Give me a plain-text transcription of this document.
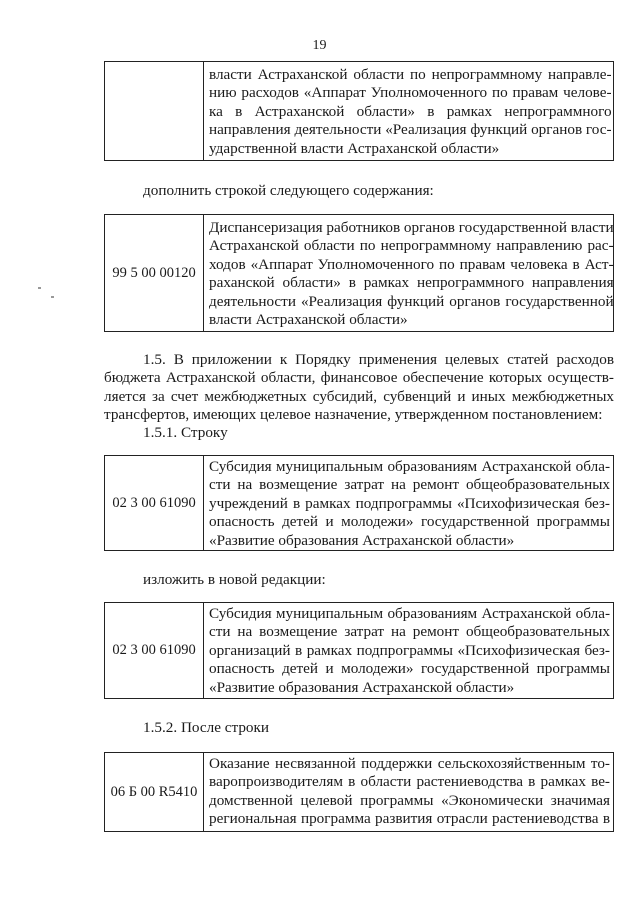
19
власти Астраханской области по непрограммному направле-
нию расходов «Аппарат Уполномоченного по правам челове-
ка в Астраханской области» в рамках непрограммного
направления деятельности «Реализация функций органов гос-
ударственной власти Астраханской области»
дополнить строкой следующего содержания:
99 5 00 00120
Диспансеризация работников органов государственной власти
Астраханской области по непрограммному направлению рас-
ходов «Аппарат Уполномоченного по правам человека в Аст-
раханской области» в рамках непрограммного направления
деятельности «Реализация функций органов государственной
власти Астраханской области»
1.5. В приложении к Порядку применения целевых статей расходов
бюджета Астраханской области, финансовое обеспечение которых осуществ-
ляется за счет межбюджетных субсидий, субвенций и иных межбюджетных
трансфертов, имеющих целевое назначение, утвержденном постановлением:
1.5.1. Строку
02 3 00 61090
Субсидия муниципальным образованиям Астраханской обла-
сти на возмещение затрат на ремонт общеобразовательных
учреждений в рамках подпрограммы «Психофизическая без-
опасность детей и молодежи» государственной программы
«Развитие образования Астраханской области»
изложить в новой редакции:
02 3 00 61090
Субсидия муниципальным образованиям Астраханской обла-
сти на возмещение затрат на ремонт общеобразовательных
организаций в рамках подпрограммы «Психофизическая без-
опасность детей и молодежи» государственной программы
«Развитие образования Астраханской области»
1.5.2. После строки
06 Б 00 R5410
Оказание несвязанной поддержки сельскохозяйственным то-
варопроизводителям в области растениеводства в рамках ве-
домственной целевой программы «Экономически значимая
региональная программа развития отрасли растениеводства в
